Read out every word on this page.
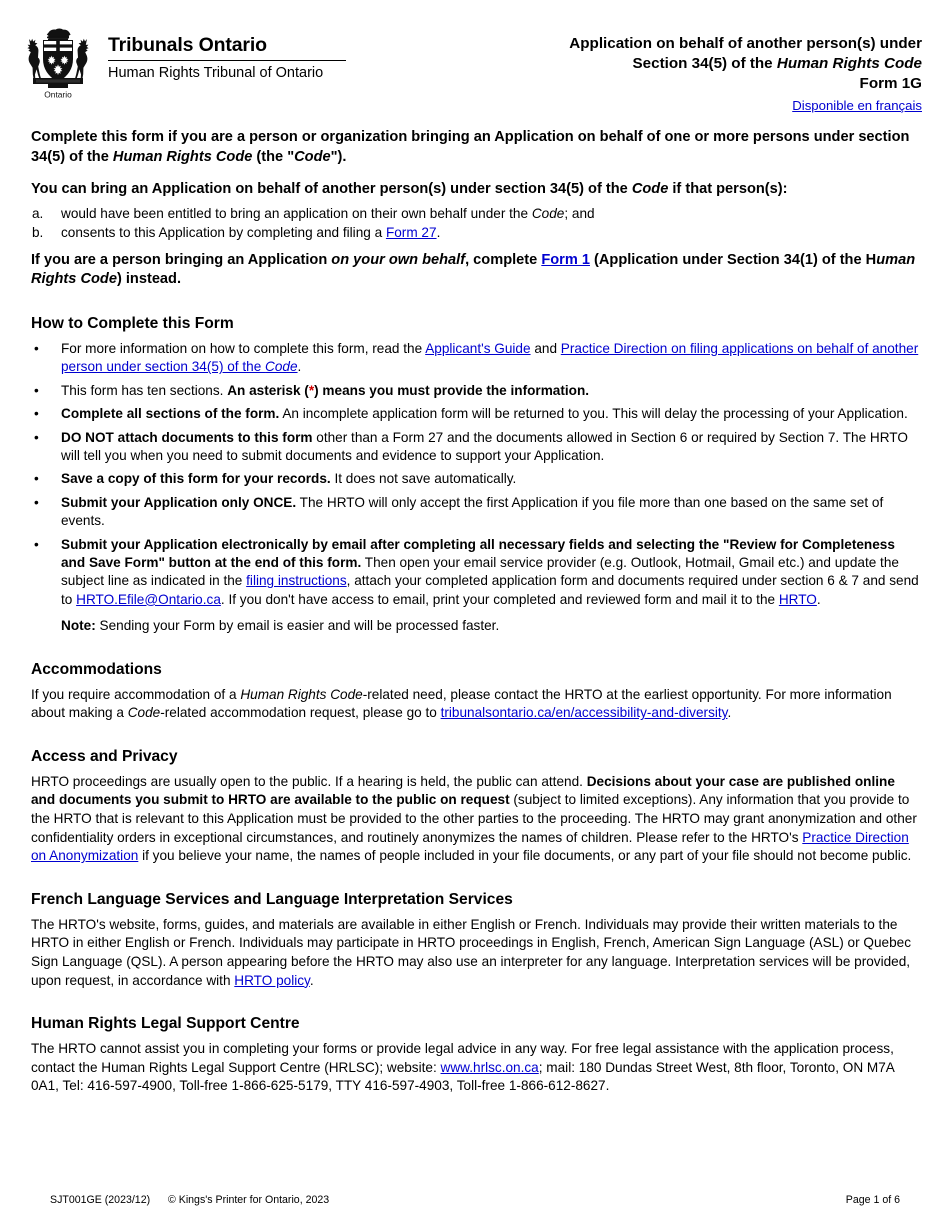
Ontario
Tribunals Ontario
Human Rights Tribunal of Ontario
Application on behalf of another person(s) under
Section 34(5) of the Human Rights Code
Form 1G
Disponible en français

Complete this form if you are a person or organization bringing an Application on behalf of one or more persons under section 34(5) of the Human Rights Code (the "Code").

You can bring an Application on behalf of another person(s) under section 34(5) of the Code if that person(s):

a.	would have been entitled to bring an application on their own behalf under the Code; and
b.	consents to this Application by completing and filing a Form 27.

If you are a person bringing an Application on your own behalf, complete Form 1 (Application under Section 34(1) of the Human Rights Code) instead.

How to Complete this Form
•	For more information on how to complete this form, read the Applicant's Guide and Practice Direction on filing applications on behalf of another person under section 34(5) of the Code.
•	This form has ten sections. An asterisk (*) means you must provide the information.
•	Complete all sections of the form. An incomplete application form will be returned to you. This will delay the processing of your Application.
•	DO NOT attach documents to this form other than a Form 27 and the documents allowed in Section 6 or required by Section 7. The HRTO will tell you when you need to submit documents and evidence to support your Application.
•	Save a copy of this form for your records. It does not save automatically.
•	Submit your Application only ONCE. The HRTO will only accept the first Application if you file more than one based on the same set of events.
•	Submit your Application electronically by email after completing all necessary fields and selecting the "Review for Completeness and Save Form" button at the end of this form. Then open your email service provider (e.g. Outlook, Hotmail, Gmail etc.) and update the subject line as indicated in the filing instructions, attach your completed application form and documents required under section 6 & 7 and send to HRTO.Efile@Ontario.ca. If you don't have access to email, print your completed and reviewed form and mail it to the HRTO.
Note: Sending your Form by email is easier and will be processed faster.
Accommodations

If you require accommodation of a Human Rights Code-related need, please contact the HRTO at the earliest opportunity. For more information about making a Code-related accommodation request, please go to tribunalsontario.ca/en/accessibility-and-diversity.

Access and Privacy

HRTO proceedings are usually open to the public. If a hearing is held, the public can attend. Decisions about your case are published online and documents you submit to HRTO are available to the public on request (subject to limited exceptions). Any information that you provide to the HRTO that is relevant to this Application must be provided to the other parties to the proceeding. The HRTO may grant anonymization and other confidentiality orders in exceptional circumstances, and routinely anonymizes the names of children. Please refer to the HRTO's Practice Direction on Anonymization if you believe your name, the names of people included in your file documents, or any part of your file should not become public.

French Language Services and Language Interpretation Services

The HRTO's website, forms, guides, and materials are available in either English or French. Individuals may provide their written materials to the HRTO in either English or French. Individuals may participate in HRTO proceedings in English, French, American Sign Language (ASL) or Quebec Sign Language (QSL). A person appearing before the HRTO may also use an interpreter for any language. Interpretation services will be provided, upon request, in accordance with HRTO policy.

Human Rights Legal Support Centre

The HRTO cannot assist you in completing your forms or provide legal advice in any way. For free legal assistance with the application process, contact the Human Rights Legal Support Centre (HRLSC); website: www.hrlsc.on.ca; mail: 180 Dundas Street West, 8th floor, Toronto, ON M7A 0A1, Tel: 416-597-4900, Toll-free 1-866-625-5179, TTY 416-597-4903, Toll-free 1-866-612-8627.

SJT001GE (2023/12) © Kings's Printer for Ontario, 2023	Page 1 of 6
